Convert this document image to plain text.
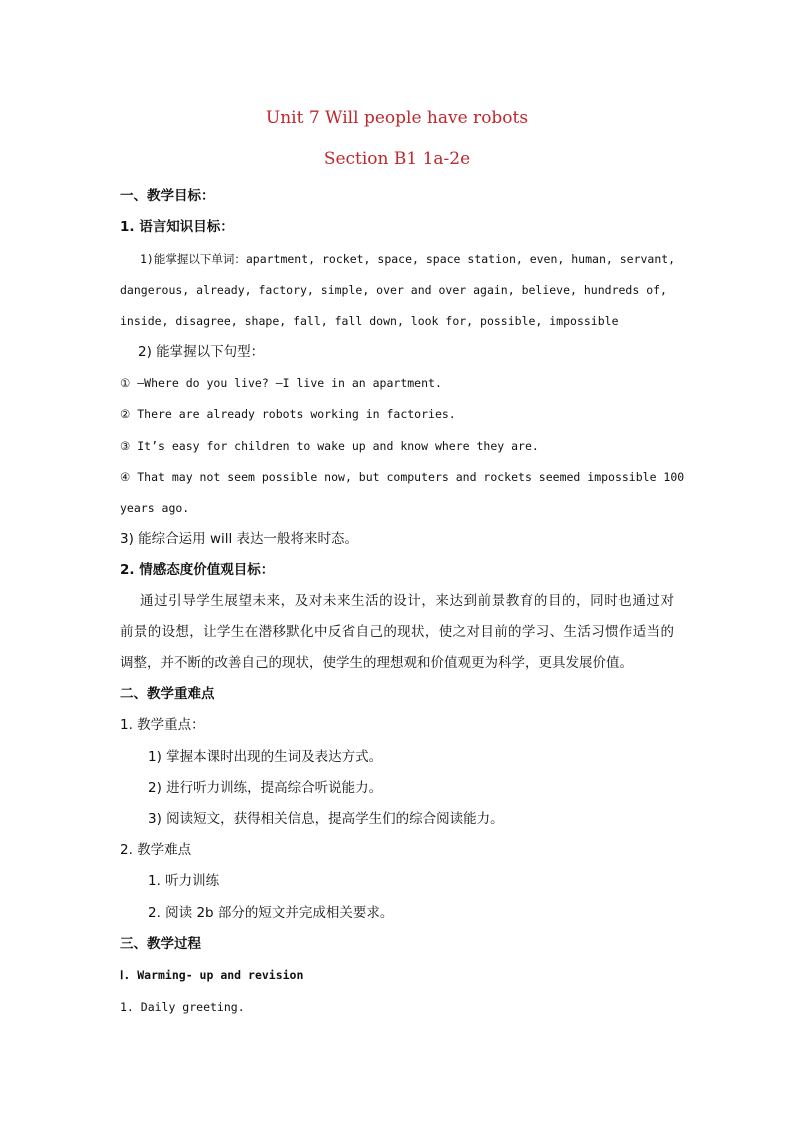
Unit 7 Will people have robots
Section B1 1a-2e
一、教学目标：
1. 语言知识目标：
1)能掌握以下单词：apartment, rocket, space, space station, even, human, servant,
dangerous, already, factory, simple, over and over again, believe, hundreds of,
inside, disagree, shape, fall, fall down, look for, possible, impossible
2) 能掌握以下句型：
① —Where do you live? —I live in an apartment.
② There are already robots working in factories.
③ It’s easy for children to wake up and know where they are.
④ That may not seem possible now, but computers and rockets seemed impossible 100
years ago.
3) 能综合运用 will 表达一般将来时态。
2. 情感态度价值观目标：
通过引导学生展望未来，及对未来生活的设计，来达到前景教育的目的，同时也通过对
前景的设想，让学生在潜移默化中反省自己的现状，使之对目前的学习、生活习惯作适当的
调整，并不断的改善自己的现状，使学生的理想观和价值观更为科学，更具发展价值。
二、教学重难点
1. 教学重点：
1) 掌握本课时出现的生词及表达方式。
2) 进行听力训练，提高综合听说能力。
3) 阅读短文，获得相关信息，提高学生们的综合阅读能力。
2. 教学难点
1. 听力训练
2. 阅读 2b 部分的短文并完成相关要求。
三、教学过程
Ⅰ. Warming- up and revision
1. Daily greeting.
